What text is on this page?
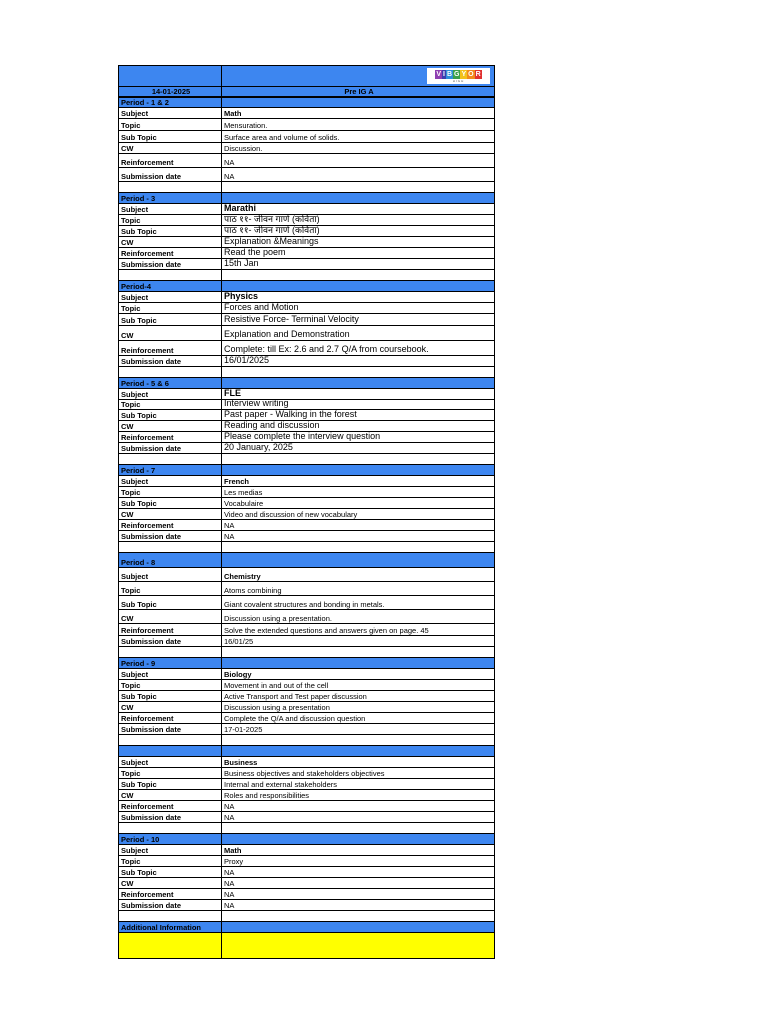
V I B G Y O R
HIGH
14-01-2025	Pre IG A
Period - 1 & 2
Subject	Math
Topic	Mensuration.
Sub Topic	Surface area and volume of solids.
CW	Discussion.
Reinforcement	NA
Submission date	NA
Period - 3
Subject	Marathi
Topic	पाठ ११- जीवन गाणे (कविता)
Sub Topic	पाठ ११- जीवन गाणे (कविता)
CW	Explanation &Meanings
Reinforcement	Read the poem
Submission date	15th Jan
Period-4
Subject	Physics
Topic	Forces and Motion
Sub Topic	Resistive Force- Terminal Velocity
CW	Explanation and Demonstration
Reinforcement	Complete: till Ex: 2.6 and 2.7 Q/A from coursebook.
Submission date	16/01/2025
Period - 5 & 6
Subject	FLE
Topic	Interview writing
Sub Topic	Past paper - Walking in the forest
CW	Reading and discussion
Reinforcement	Please complete the interview question
Submission date	20 January, 2025
Period - 7
Subject	French
Topic	Les medias
Sub Topic	Vocabulaire
CW	Video and discussion of new vocabulary
Reinforcement	NA
Submission date	NA
Period - 8
Subject	Chemistry
Topic	Atoms combining
Sub Topic	Giant covalent structures and bonding in metals.
CW	Discussion using a presentation.
Reinforcement	Solve the extended questions and answers given on page. 45
Submission date	16/01/25
Period - 9
Subject	Biology
Topic	Movement in and out of the cell
Sub Topic	Active Transport and Test paper discussion
CW	Discussion using a presentation
Reinforcement	Complete the Q/A and discussion question
Submission date	17-01-2025
Subject	Business
Topic	Business objectives and stakeholders objectives
Sub Topic	Internal and external stakeholders
CW	Roles and responsibilities
Reinforcement	NA
Submission date	NA
Period - 10
Subject	Math
Topic	Proxy
Sub Topic	NA
CW	NA
Reinforcement	NA
Submission date	NA
Additional Information
